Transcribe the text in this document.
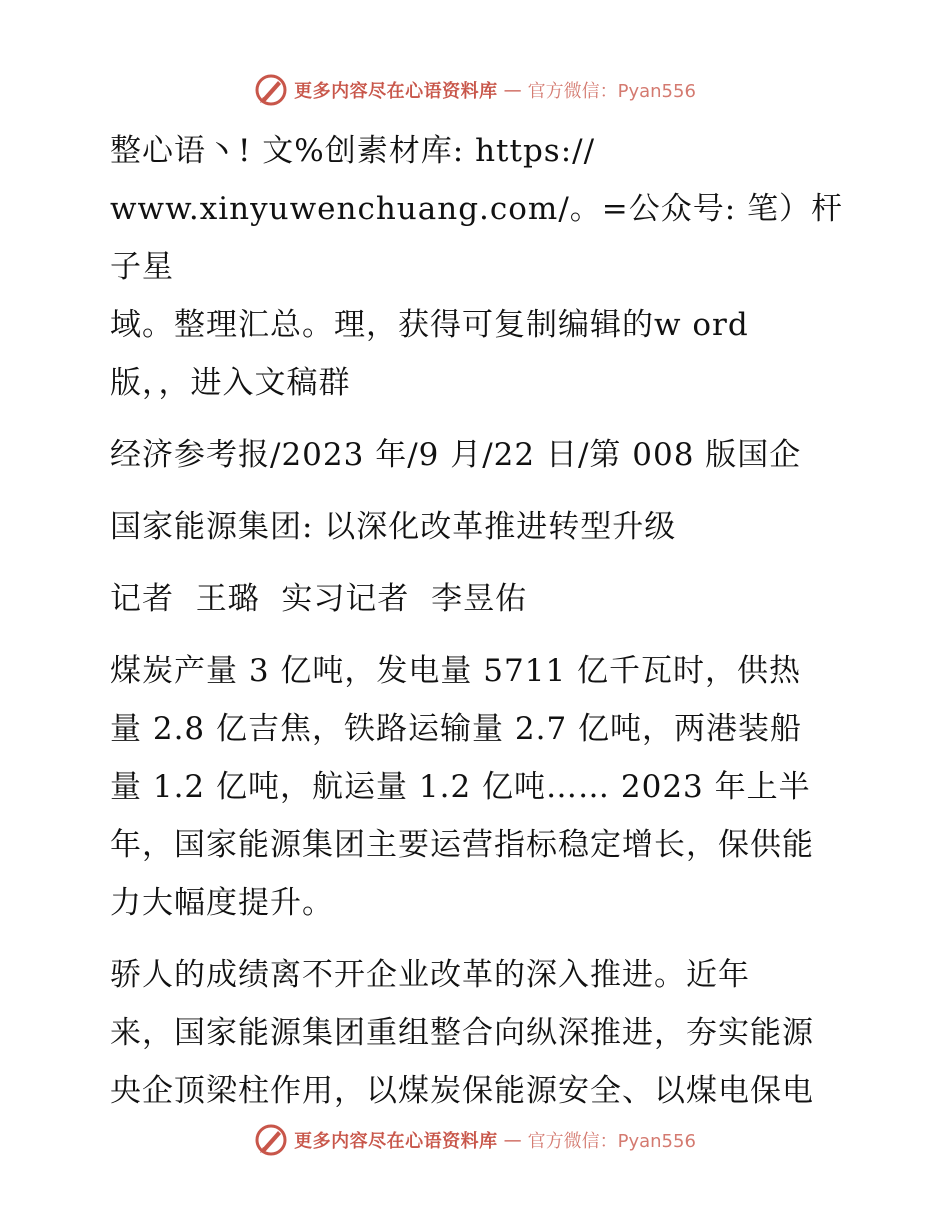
更多内容尽在心语资料库 — 官方微信：Pyan556

整心语丶! 文%创素材库: https://
www.xinyuwenchuang.com/。=公众号: 笔）杆子星
域。整理汇总。理，获得可复制编辑的w ord
版，，进入文稿群

经济参考报/2023 年/9 月/22 日/第 008 版国企

国家能源集团: 以深化改革推进转型升级

记者  王璐  实习记者  李昱佑

煤炭产量 3 亿吨，发电量 5711 亿千瓦时，供热
量 2.8 亿吉焦，铁路运输量 2.7 亿吨，两港装船
量 1.2 亿吨，航运量 1.2 亿吨…… 2023 年上半
年，国家能源集团主要运营指标稳定增长，保供能
力大幅度提升。

骄人的成绩离不开企业改革的深入推进。近年
来，国家能源集团重组整合向纵深推进，夯实能源
央企顶梁柱作用，以煤炭保能源安全、以煤电保电

更多内容尽在心语资料库 — 官方微信：Pyan556
